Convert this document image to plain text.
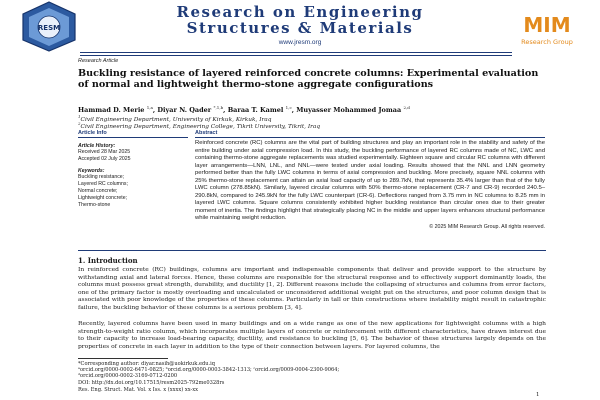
RESM
Research on Engineering
Structures & Materials
www.jresm.org
MIM
Research Group
Research Article
Buckling resistance of layered reinforced concrete columns: Experimental evaluation of normal and lightweight thermo-stone aggregate configurations
Hammad D. Merie $^{1,a}$, Diyar N. Qader $^{*,1,b}$, Baraa T. Kamel $^{1,c}$, Muyasser Mohammed Jomaa $^{2,d}$
$^1$Civil Engineering Department, University of Kirkuk, Kirkuk, Iraq
$^2$Civil Engineering Department, Engineering College, Tikrit University, Tikrit, Iraq
Article Info
Article History:
Received 28 Mar 2025
Accepted 02 July 2025
Keywords:
Buckling resistance;
Layered RC columns;
Normal concrete;
Lightweight concrete;
Thermo-stone
Abstract
Reinforced concrete (RC) columns are the vital part of building structures and play an important role in the stability and safety of the entire building under axial compression load. In this study, the buckling performance of layered RC columns made of NC, LWC and containing thermo-stone aggregate replacements was studied experimentally. Eighteen square and circular RC columns with different layer arrangements—LNN, LNL, and NNL—were tested under axial loading. Results showed that the NNL and LNN geometry performed better than the fully LWC columns in terms of axial compression and buckling. More precisely, square NNL columns with 25% thermo-stone replacement can attain an axial load capacity of up to 289.7kN, that represents 35.4% larger than that of the fully LWC column (278.85kN). Similarly, layered circular columns with 50% thermo-stone replacement (CR-7 and CR-9) recorded 240.5–290.8kN, compared to 245.9kN for the fully LWC counterpart (CR-6). Deflections ranged from 3.75 mm in NC columns to 8.25 mm in layered LWC columns. Square columns consistently exhibited higher buckling resistance than circular ones due to their greater moment of inertia. The findings highlight that strategically placing NC in the middle and upper layers enhances structural performance while maintaining weight reduction.
© 2025 MIM Research Group. All rights reserved.
1. Introduction
In reinforced concrete (RC) buildings, columns are important and indispensable components that deliver and provide support to the structure by withstanding axial and lateral forces. Hence, these columns are responsible for the structural response and to effectively support dominantly loads, the columns must possess great strength, durability, and ductility [1, 2]. Different reasons include the collapsing of structures and columns from error factors, one of the primary factor is mostly overloading and uncalculated or unconsidered additional weight put on the structures, and poor column design that is associated with poor knowledge of the properties of these columns. Particularly in tall or thin constructions where instability might result in catastrophic failure, the buckling behavior of these columns is a serious problem [3, 4].
Recently, layered columns have been used in many buildings and on a wide range as one of the new applications for lightweight columns with a high strength-to-weight ratio column, which incorporates multiple layers of concrete or reinforcement with different characteristics, have drawn interest due to their capacity to increase load-bearing capacity, ductility, and resistance to buckling [5, 6]. The behavior of these structures largely depends on the properties of concrete in each layer in addition to the type of their connection between layers. For layered columns, the
*Corresponding author: diyar.nasih@uokirkuk.edu.iq
ᵃorcid.org/0000-0002-6471-0825; ᵇorcid.org/0000-0003-3842-1313; ᶜorcid.org/0009-0004-2300-9064;
ᵈorcid.org/0000-0002-3169-0712-0200
DOI: http://dx.doi.org/10.17515/resm2025-792me0328rs
Res. Eng. Struct. Mat. Vol. x Iss. x (xxxx) xx-xx
1
